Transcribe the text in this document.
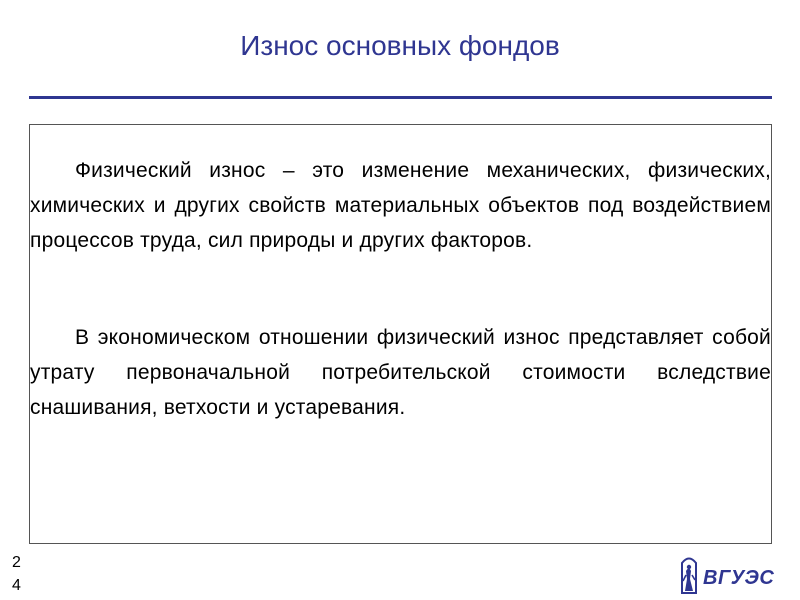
Износ основных фондов
Физический износ – это изменение механических, физических, химических и других свойств материальных объектов под воздействием процессов труда, сил природы и других факторов.
В экономическом отношении физический износ представляет собой утрату первоначальной потребительской стоимости вследствие снашивания, ветхости и устаревания.
2
4	ВГУЭС
